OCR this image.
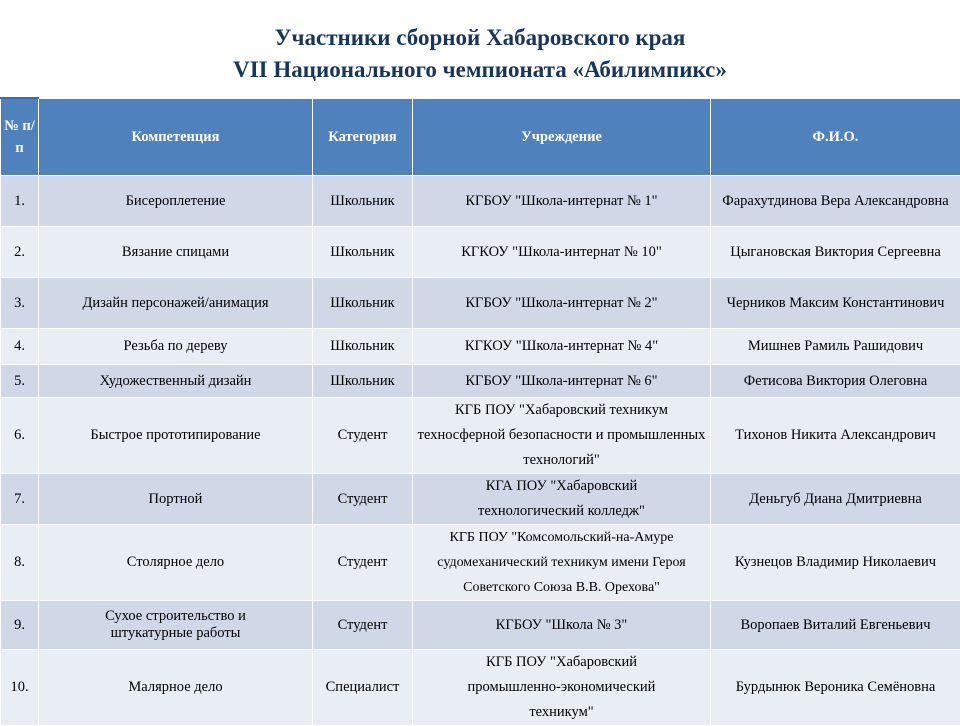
Участники сборной Хабаровского края
VII Национального чемпионата «Абилимпикс»
№ п/п	Компетенция	Категория	Учреждение	Ф.И.О.
1.	Бисероплетение	Школьник	КГБОУ "Школа-интернат № 1"	Фарахутдинова Вера Александровна
2.	Вязание спицами	Школьник	КГКОУ "Школа-интернат № 10"	Цыгановская Виктория Сергеевна
3.	Дизайн персонажей/анимация	Школьник	КГБОУ "Школа-интернат № 2"	Черников Максим Константинович
4.	Резьба по дереву	Школьник	КГКОУ "Школа-интернат № 4"	Мишнев Рамиль Рашидович
5.	Художественный дизайн	Школьник	КГБОУ "Школа-интернат № 6"	Фетисова Виктория Олеговна
6.	Быстрое прототипирование	Студент	КГБ ПОУ "Хабаровский техникум техносферной безопасности и промышленных технологий"	Тихонов Никита Александрович
7.	Портной	Студент	КГА ПОУ "Хабаровский технологический колледж"	Деньгуб Диана Дмитриевна
8.	Столярное дело	Студент	КГБ ПОУ "Комсомольский-на-Амуре судомеханический техникум имени Героя Советского Союза В.В. Орехова"	Кузнецов Владимир Николаевич
9.	Сухое строительство и штукатурные работы	Студент	КГБОУ "Школа № 3"	Воропаев Виталий Евгеньевич
10.	Малярное дело	Специалист	КГБ ПОУ "Хабаровский промышленно-экономический техникум"	Бурдынюк Вероника Семёновна
